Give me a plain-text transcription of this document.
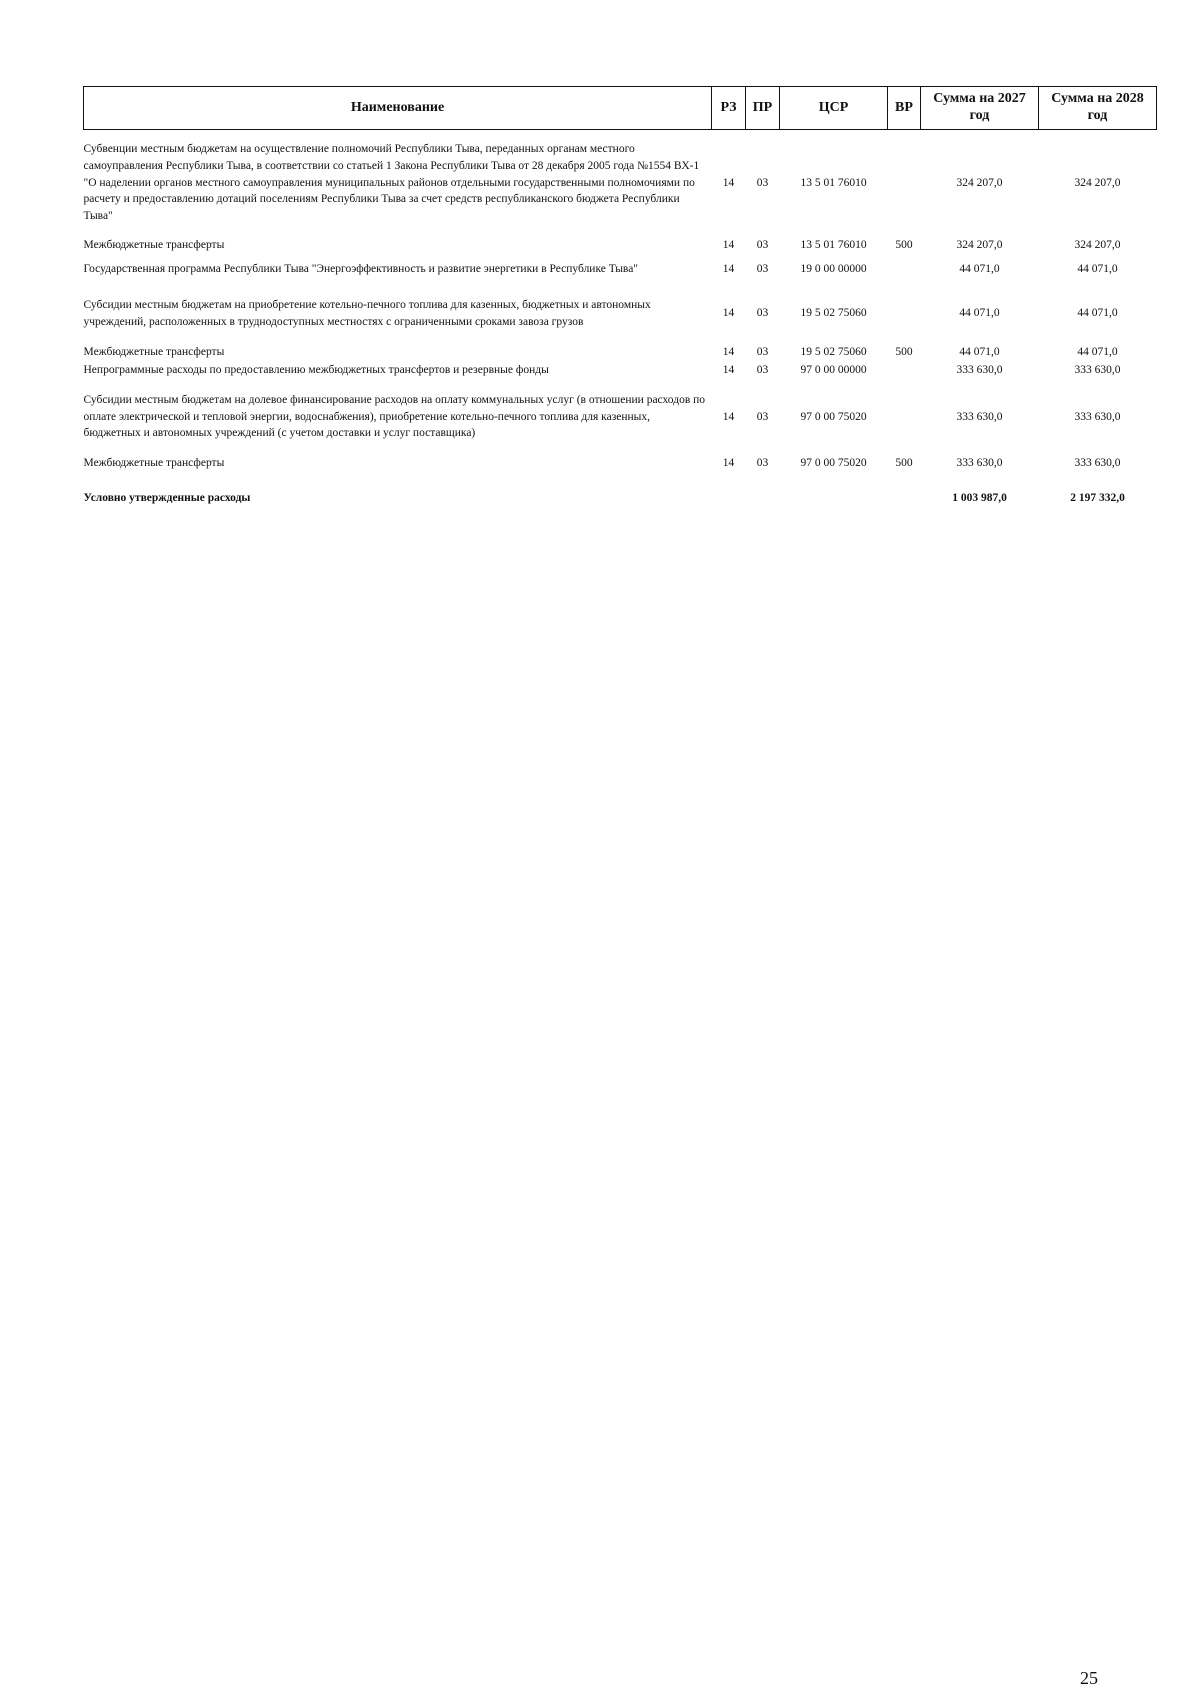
Наименование	РЗ	ПР	ЦСР	ВР	Сумма на 2027 год	Сумма на 2028 год
Субвенции местным бюджетам на осуществление полномочий Республики Тыва, переданных органам местного самоуправления Республики Тыва, в соответствии со статьей 1 Закона Республики Тыва от 28 декабря 2005 года №1554 ВХ-1 "О наделении органов местного самоуправления муниципальных районов отдельными государственными полномочиями по расчету и предоставлению дотаций поселениям Республики Тыва за счет средств республиканского бюджета Республики Тыва"	14	03	13 5 01 76010		324 207,0	324 207,0
Межбюджетные трансферты	14	03	13 5 01 76010	500	324 207,0	324 207,0
Государственная программа Республики Тыва "Энергоэффективность и развитие энергетики в Республике Тыва"	14	03	19 0 00 00000		44 071,0	44 071,0
Субсидии местным бюджетам на приобретение котельно-печного топлива для казенных, бюджетных и автономных учреждений, расположенных в труднодоступных местностях с ограниченными сроками завоза грузов	14	03	19 5 02 75060		44 071,0	44 071,0
Межбюджетные трансферты	14	03	19 5 02 75060	500	44 071,0	44 071,0
Непрограммные расходы по предоставлению межбюджетных трансфертов и резервные фонды	14	03	97 0 00 00000		333 630,0	333 630,0
Субсидии местным бюджетам на долевое финансирование расходов на оплату коммунальных услуг (в отношении расходов по оплате электрической и тепловой энергии, водоснабжения), приобретение котельно-печного топлива для казенных, бюджетных и автономных учреждений (с учетом доставки и услуг поставщика)	14	03	97 0 00 75020		333 630,0	333 630,0
Межбюджетные трансферты	14	03	97 0 00 75020	500	333 630,0	333 630,0

Условно утвержденные расходы					1 003 987,0	2 197 332,0
25
